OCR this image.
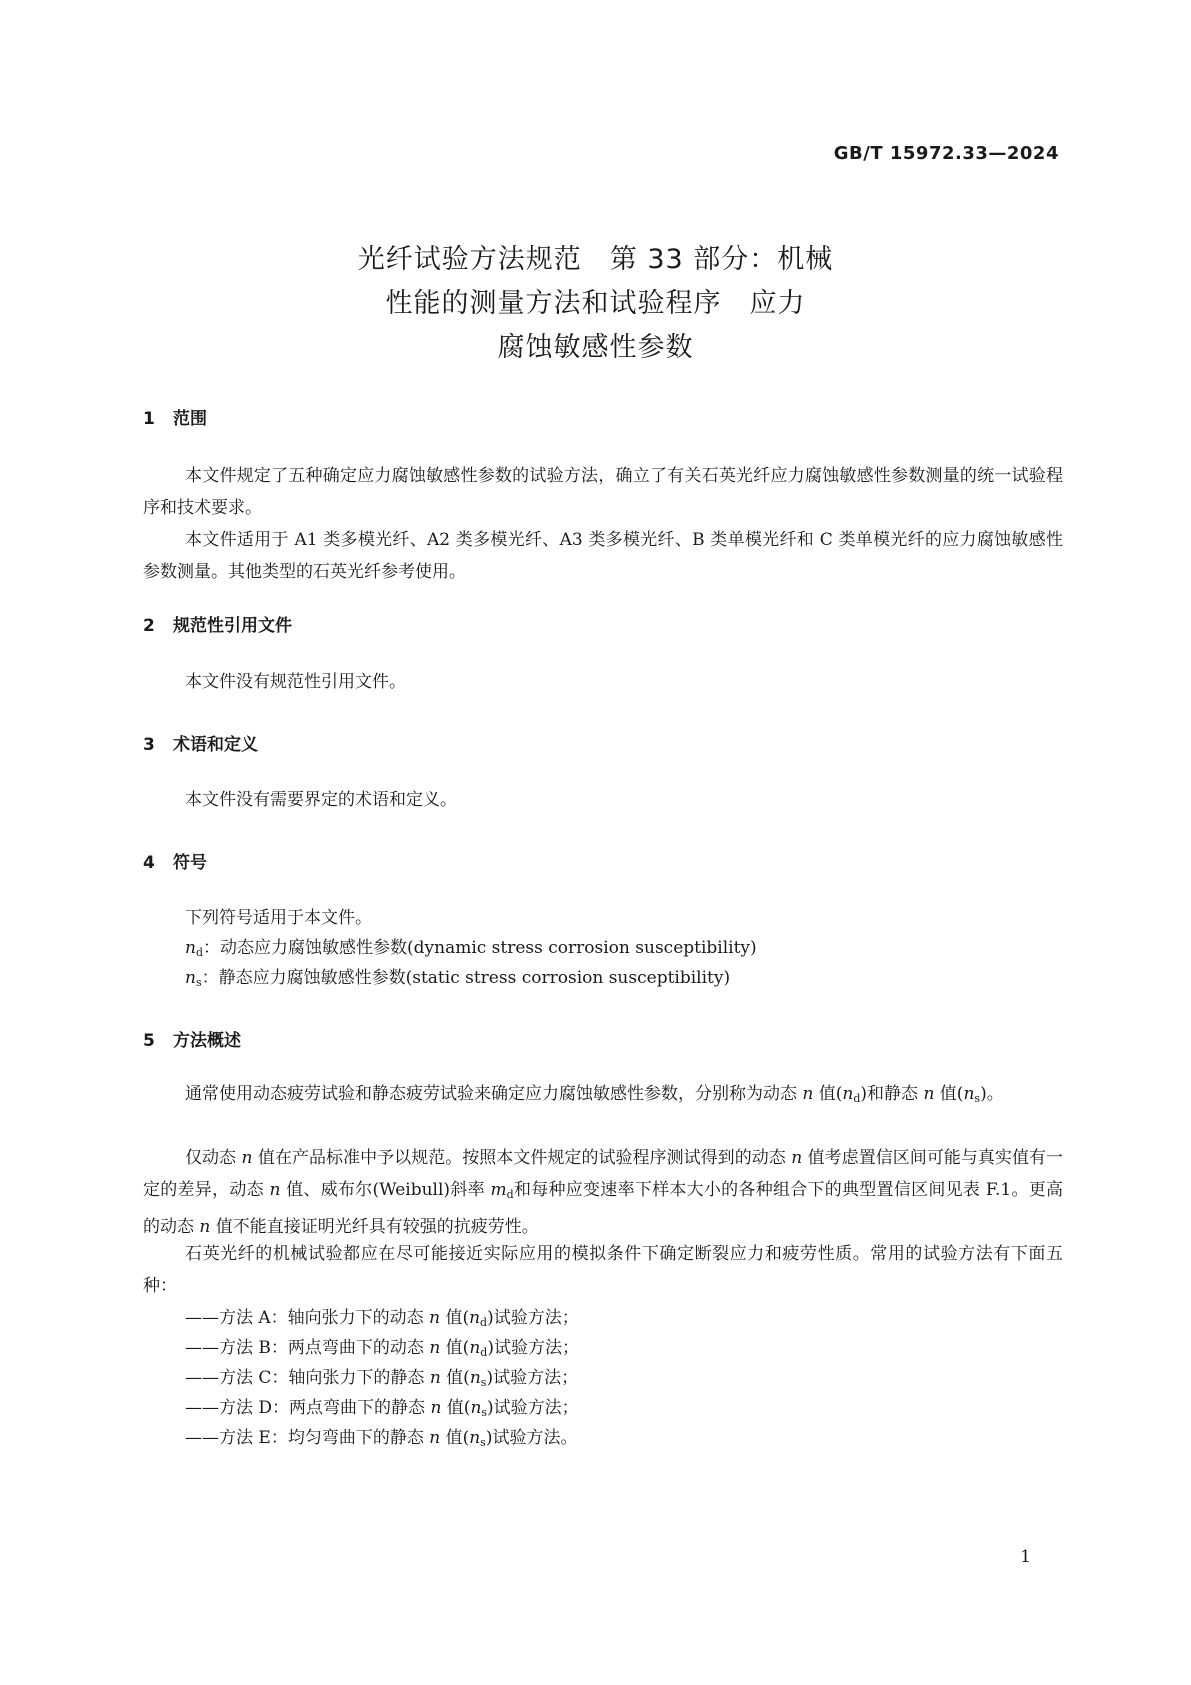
GB/T 15972.33—2024
光纤试验方法规范　第 33 部分：机械
性能的测量方法和试验程序　应力
腐蚀敏感性参数
1 范围
本文件规定了五种确定应力腐蚀敏感性参数的试验方法，确立了有关石英光纤应力腐蚀敏感性参数测量的统一试验程序和技术要求。
本文件适用于 A1 类多模光纤、A2 类多模光纤、A3 类多模光纤、B 类单模光纤和 C 类单模光纤的应力腐蚀敏感性参数测量。其他类型的石英光纤参考使用。
2 规范性引用文件
本文件没有规范性引用文件。
3 术语和定义
本文件没有需要界定的术语和定义。
4 符号
下列符号适用于本文件。
$n_d$：动态应力腐蚀敏感性参数(dynamic stress corrosion susceptibility)
$n_s$：静态应力腐蚀敏感性参数(static stress corrosion susceptibility)
5 方法概述
通常使用动态疲劳试验和静态疲劳试验来确定应力腐蚀敏感性参数，分别称为动态 n 值$(n_d)$和静态 n 值$(n_s)$。
仅动态 n 值在产品标准中予以规范。按照本文件规定的试验程序测试得到的动态 n 值考虑置信区间可能与真实值有一定的差异，动态 n 值、威布尔(Weibull)斜率 $m_d$和每种应变速率下样本大小的各种组合下的典型置信区间见表 F.1。更高的动态 n 值不能直接证明光纤具有较强的抗疲劳性。
石英光纤的机械试验都应在尽可能接近实际应用的模拟条件下确定断裂应力和疲劳性质。常用的试验方法有下面五种：
——方法 A：轴向张力下的动态 n 值$(n_d)$试验方法；
——方法 B：两点弯曲下的动态 n 值$(n_d)$试验方法；
——方法 C：轴向张力下的静态 n 值$(n_s)$试验方法；
——方法 D：两点弯曲下的静态 n 值$(n_s)$试验方法；
——方法 E：均匀弯曲下的静态 n 值$(n_s)$试验方法。
1
